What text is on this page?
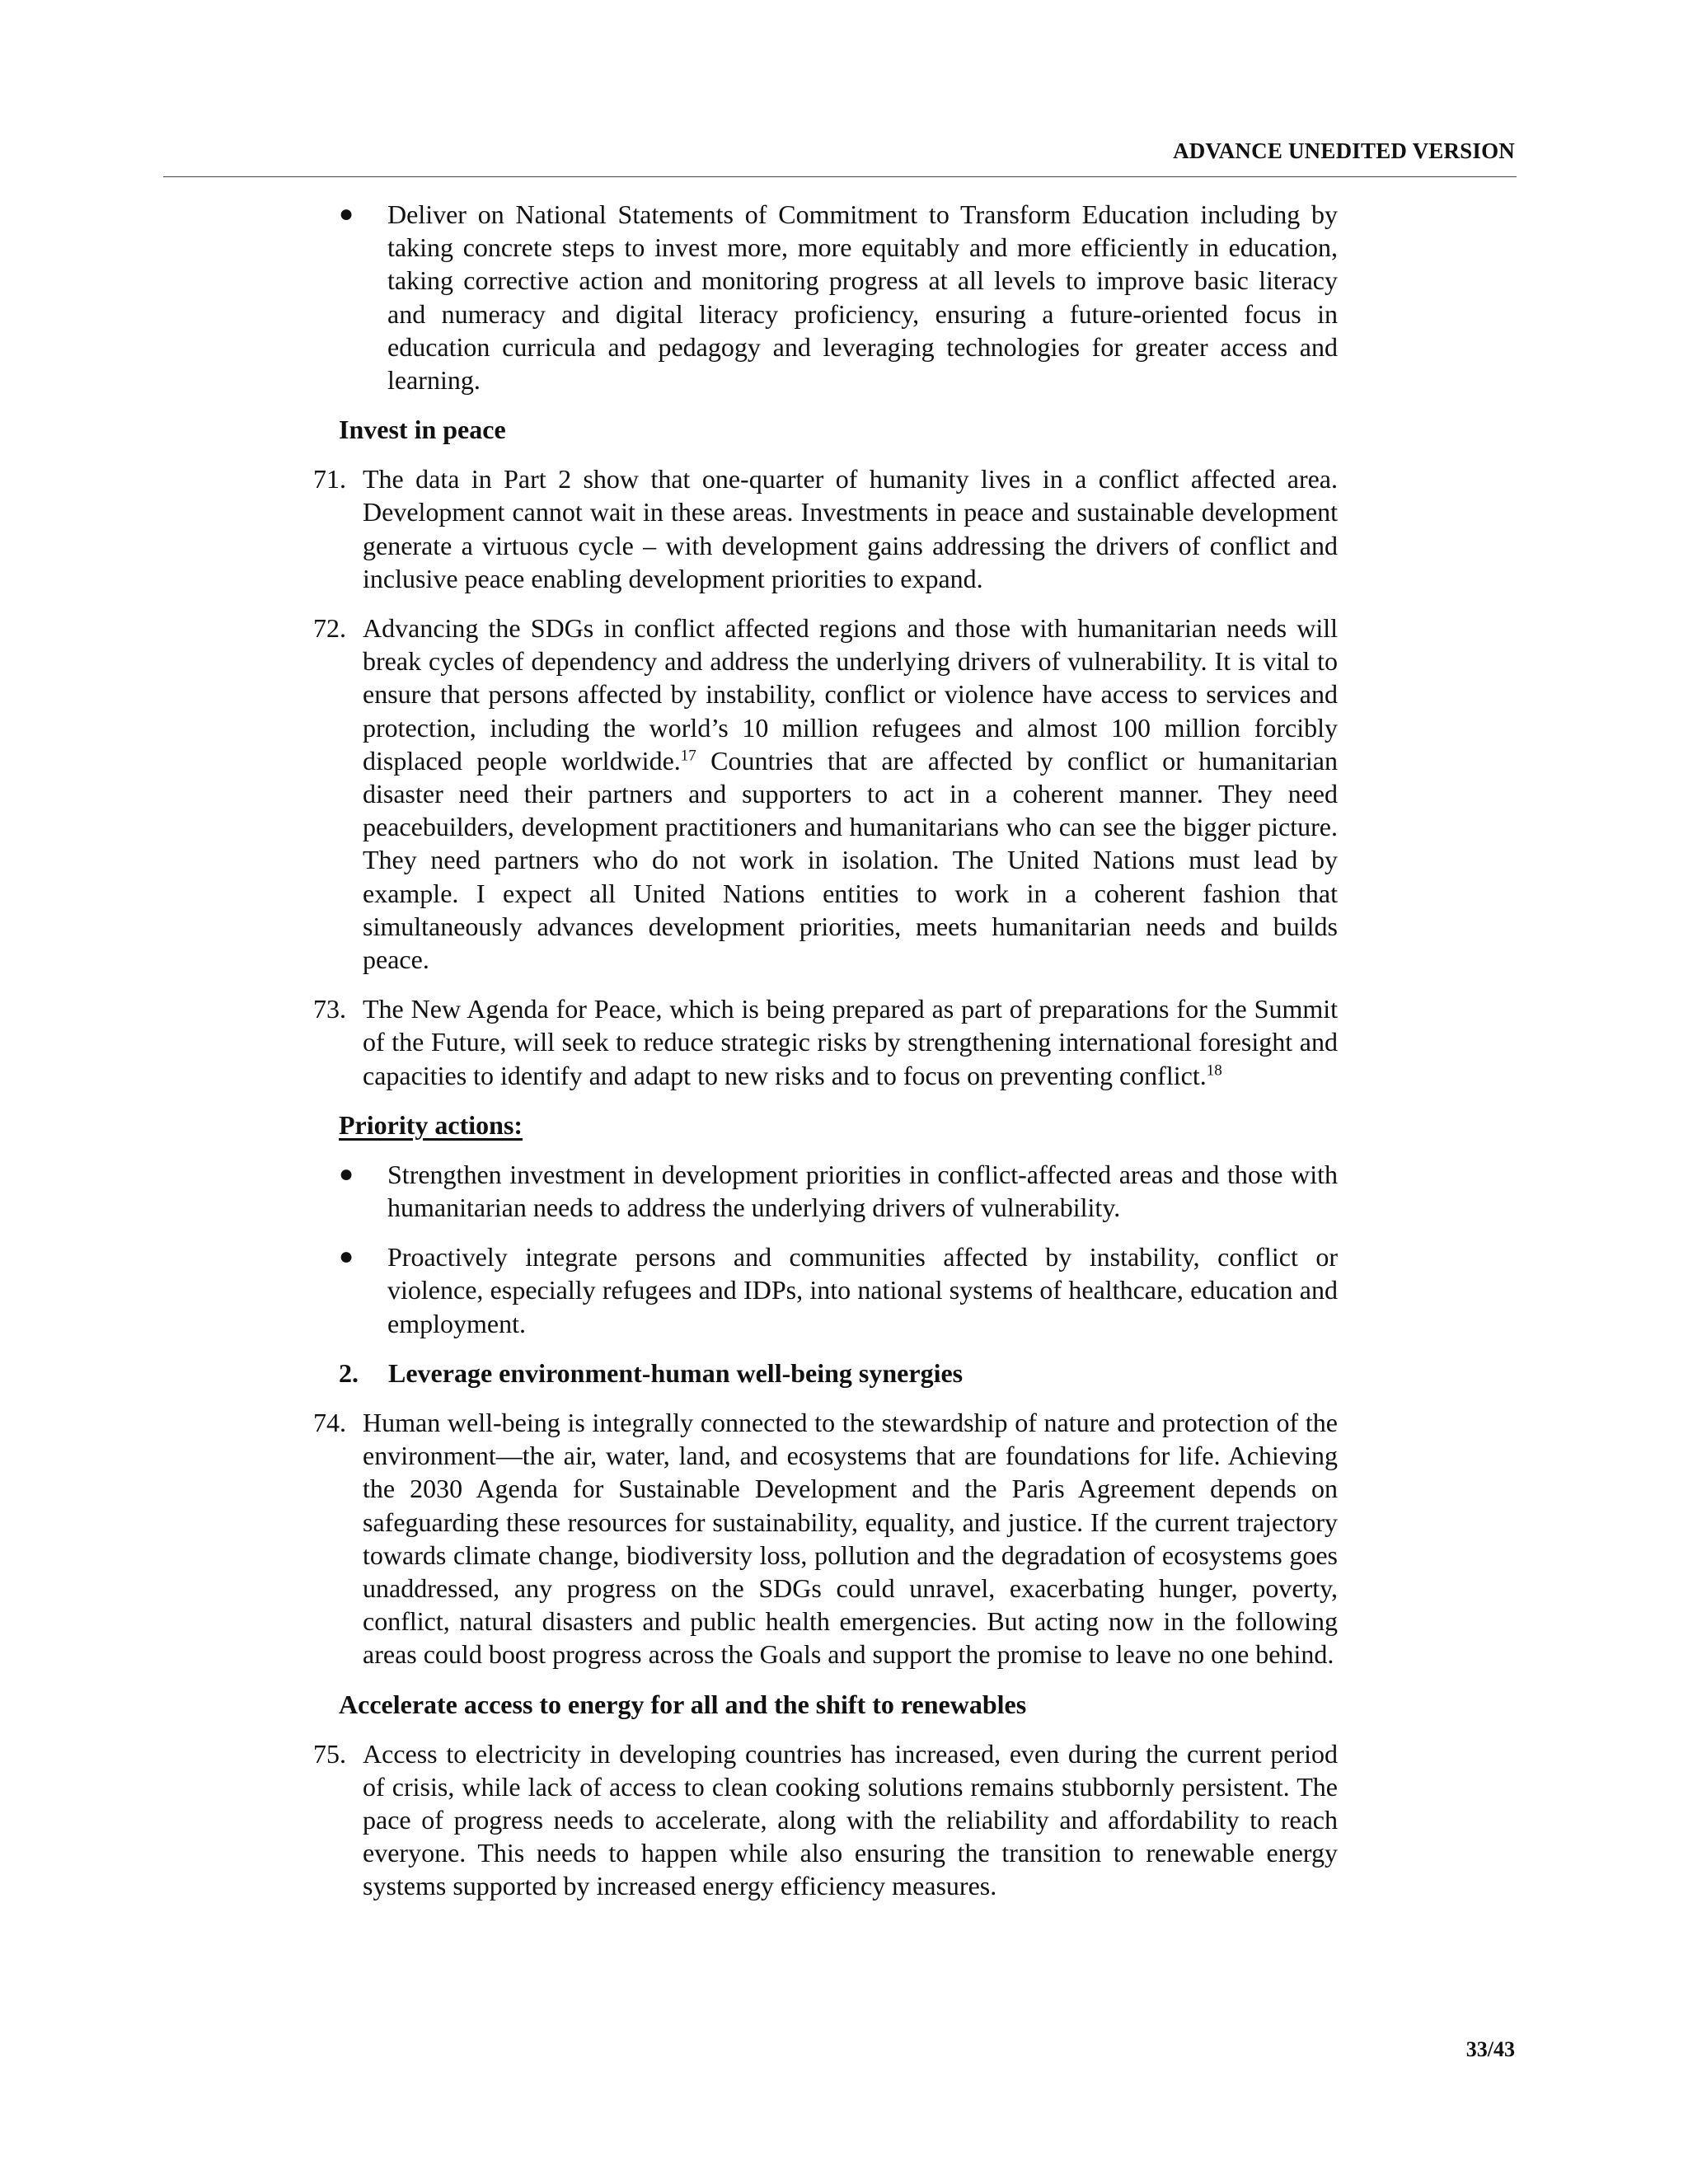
ADVANCE UNEDITED VERSION
● Deliver on National Statements of Commitment to Transform Education including by taking concrete steps to invest more, more equitably and more efficiently in education, taking corrective action and monitoring progress at all levels to improve basic literacy and numeracy and digital literacy proficiency, ensuring a future-oriented focus in education curricula and pedagogy and leveraging technologies for greater access and learning.
Invest in peace
71. The data in Part 2 show that one-quarter of humanity lives in a conflict affected area. Development cannot wait in these areas. Investments in peace and sustainable development generate a virtuous cycle – with development gains addressing the drivers of conflict and inclusive peace enabling development priorities to expand.
72. Advancing the SDGs in conflict affected regions and those with humanitarian needs will break cycles of dependency and address the underlying drivers of vulnerability. It is vital to ensure that persons affected by instability, conflict or violence have access to services and protection, including the world’s 10 million refugees and almost 100 million forcibly displaced people worldwide.$^{17}$ Countries that are affected by conflict or humanitarian disaster need their partners and supporters to act in a coherent manner. They need peacebuilders, development practitioners and humanitarians who can see the bigger picture. They need partners who do not work in isolation. The United Nations must lead by example. I expect all United Nations entities to work in a coherent fashion that simultaneously advances development priorities, meets humanitarian needs and builds peace.
73. The New Agenda for Peace, which is being prepared as part of preparations for the Summit of the Future, will seek to reduce strategic risks by strengthening international foresight and capacities to identify and adapt to new risks and to focus on preventing conflict.$^{18}$
Priority actions:
● Strengthen investment in development priorities in conflict-affected areas and those with humanitarian needs to address the underlying drivers of vulnerability.
● Proactively integrate persons and communities affected by instability, conflict or violence, especially refugees and IDPs, into national systems of healthcare, education and employment.
2. Leverage environment-human well-being synergies
74. Human well-being is integrally connected to the stewardship of nature and protection of the environment—the air, water, land, and ecosystems that are foundations for life. Achieving the 2030 Agenda for Sustainable Development and the Paris Agreement depends on safeguarding these resources for sustainability, equality, and justice. If the current trajectory towards climate change, biodiversity loss, pollution and the degradation of ecosystems goes unaddressed, any progress on the SDGs could unravel, exacerbating hunger, poverty, conflict, natural disasters and public health emergencies. But acting now in the following areas could boost progress across the Goals and support the promise to leave no one behind.
Accelerate access to energy for all and the shift to renewables
75. Access to electricity in developing countries has increased, even during the current period of crisis, while lack of access to clean cooking solutions remains stubbornly persistent. The pace of progress needs to accelerate, along with the reliability and affordability to reach everyone. This needs to happen while also ensuring the transition to renewable energy systems supported by increased energy efficiency measures.
33/43
